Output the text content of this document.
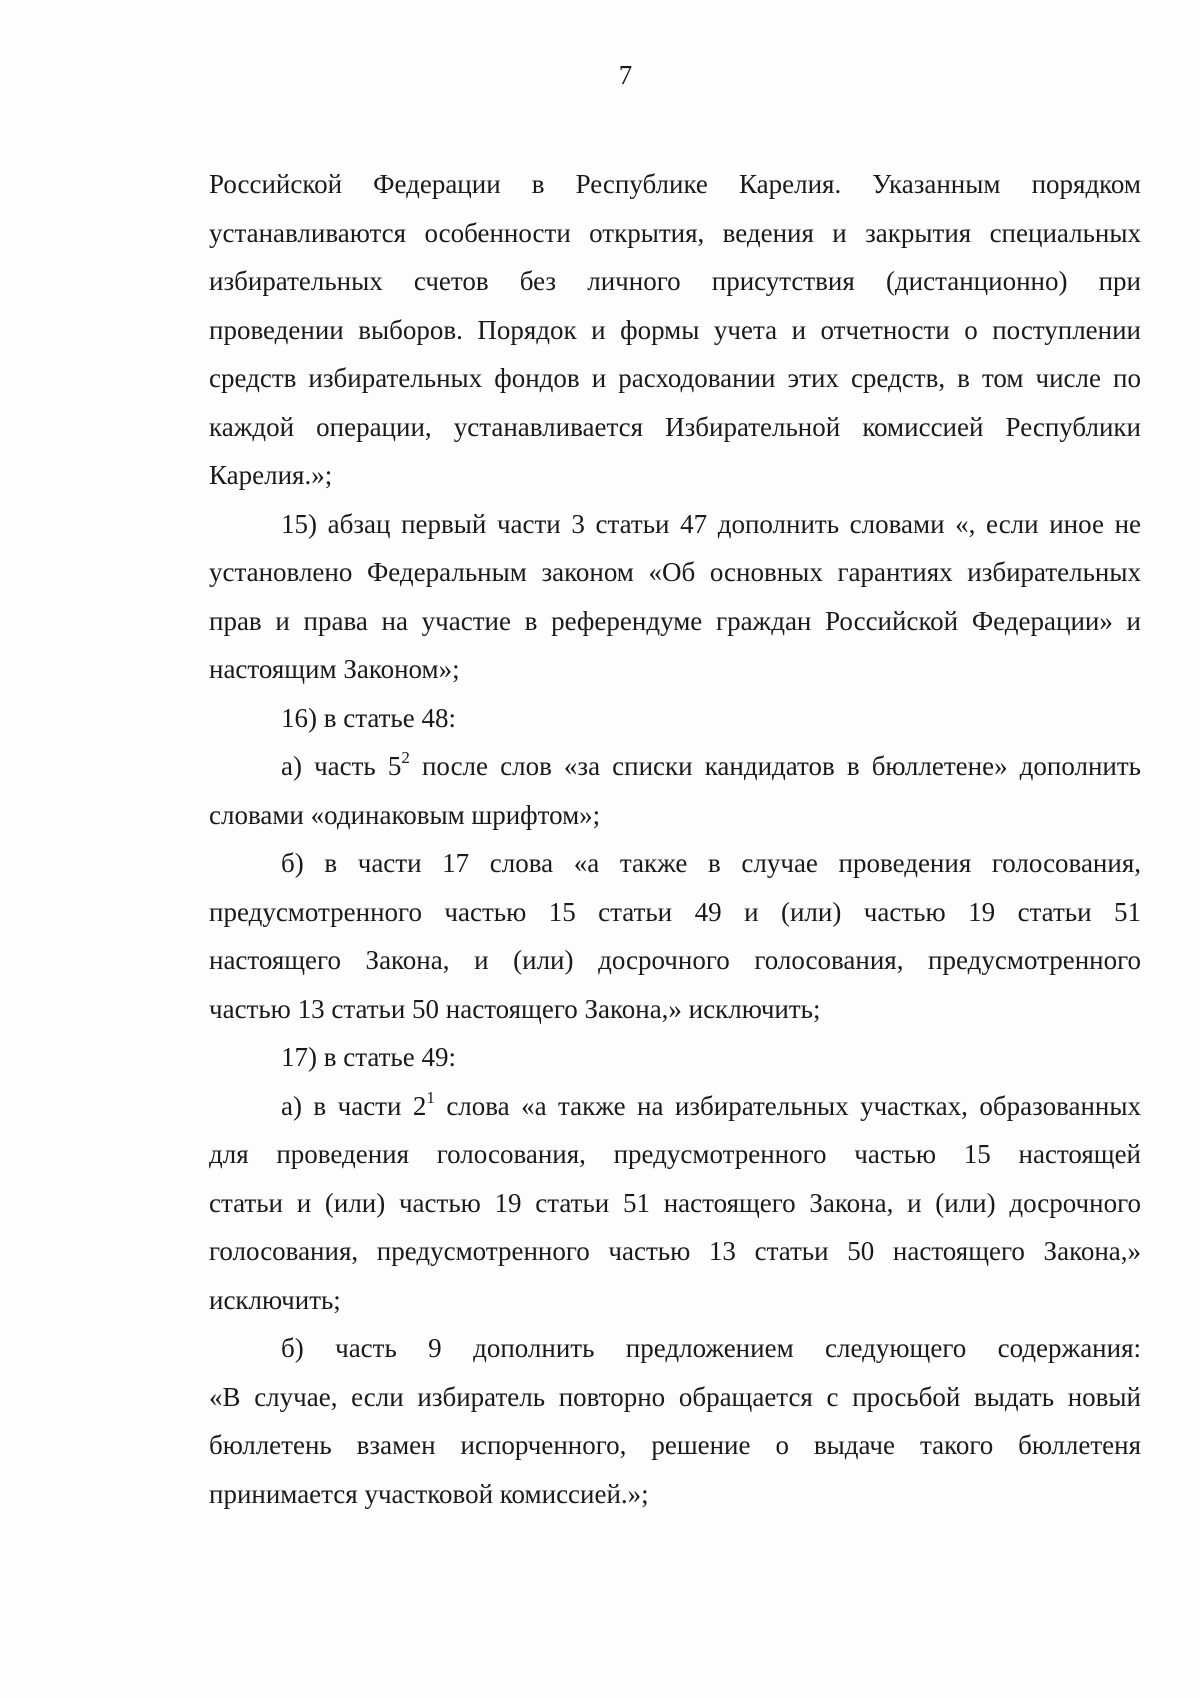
7
Российской Федерации в Республике Карелия. Указанным порядком
устанавливаются особенности открытия, ведения и закрытия специальных
избирательных счетов без личного присутствия (дистанционно) при
проведении выборов. Порядок и формы учета и отчетности о поступлении
средств избирательных фондов и расходовании этих средств, в том числе по
каждой операции, устанавливается Избирательной комиссией Республики
Карелия.»;
15) абзац первый части 3 статьи 47 дополнить словами «, если иное не
установлено Федеральным законом «Об основных гарантиях избирательных
прав и права на участие в референдуме граждан Российской Федерации» и
настоящим Законом»;
16) в статье 48:
а) часть $5^2$ после слов «за списки кандидатов в бюллетене» дополнить
словами «одинаковым шрифтом»;
б) в части 17 слова «а также в случае проведения голосования,
предусмотренного частью 15 статьи 49 и (или) частью 19 статьи 51
настоящего Закона, и (или) досрочного голосования, предусмотренного
частью 13 статьи 50 настоящего Закона,» исключить;
17) в статье 49:
а) в части $2^1$ слова «а также на избирательных участках, образованных
для проведения голосования, предусмотренного частью 15 настоящей
статьи и (или) частью 19 статьи 51 настоящего Закона, и (или) досрочного
голосования, предусмотренного частью 13 статьи 50 настоящего Закона,»
исключить;
б) часть 9 дополнить предложением следующего содержания:
«В случае, если избиратель повторно обращается с просьбой выдать новый
бюллетень взамен испорченного, решение о выдаче такого бюллетеня
принимается участковой комиссией.»;
